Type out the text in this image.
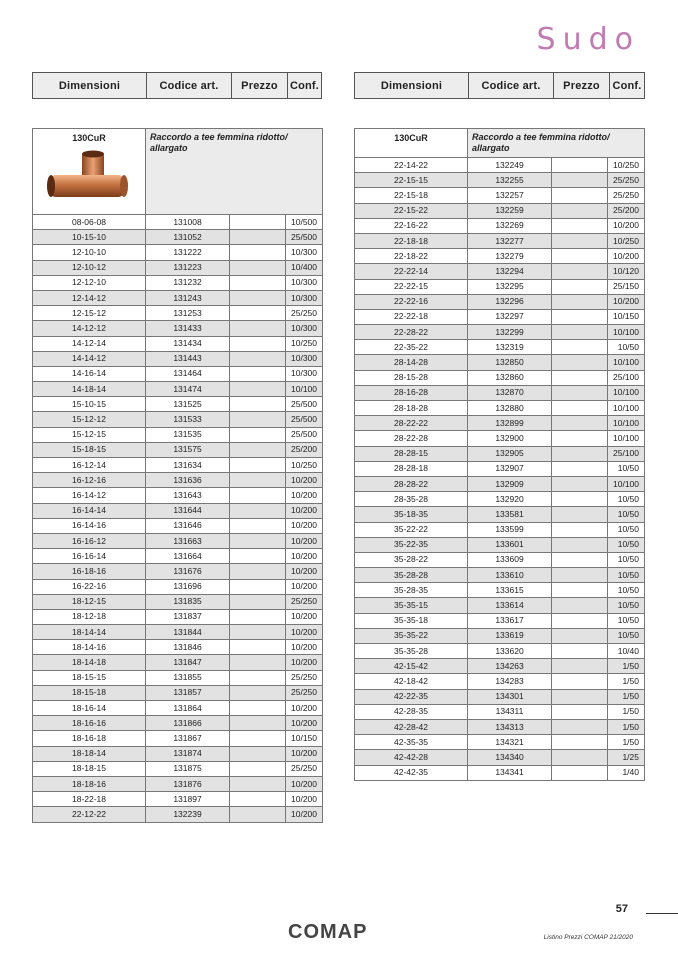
Sudo
Dimensioni	Codice art.	Prezzo	Conf.	Dimensioni	Codice art.	Prezzo	Conf.
130CuR	Raccordo a tee femmina ridotto/ allargato		
08-06-08	131008		10/500
10-15-10	131052		25/500
12-10-10	131222		10/300
12-10-12	131223		10/400
12-12-10	131232		10/300
12-14-12	131243		10/300
12-15-12	131253		25/250
14-12-12	131433		10/300
14-12-14	131434		10/250
14-14-12	131443		10/300
14-16-14	131464		10/300
14-18-14	131474		10/100
15-10-15	131525		25/500
15-12-12	131533		25/500
15-12-15	131535		25/500
15-18-15	131575		25/200
16-12-14	131634		10/250
16-12-16	131636		10/200
16-14-12	131643		10/200
16-14-14	131644		10/200
16-14-16	131646		10/200
16-16-12	131663		10/200
16-16-14	131664		10/200
16-18-16	131676		10/200
16-22-16	131696		10/200
18-12-15	131835		25/250
18-12-18	131837		10/200
18-14-14	131844		10/200
18-14-16	131846		10/200
18-14-18	131847		10/200
18-15-15	131855		25/250
18-15-18	131857		25/250
18-16-14	131864		10/200
18-16-16	131866		10/200
18-16-18	131867		10/150
18-18-14	131874		10/200
18-18-15	131875		25/250
18-18-16	131876		10/200
18-22-18	131897		10/200
22-12-22	132239		10/200
130CuR	Raccordo a tee femmina ridotto/ allargato		
22-14-22	132249		10/250
22-15-15	132255		25/250
22-15-18	132257		25/250
22-15-22	132259		25/200
22-16-22	132269		10/200
22-18-18	132277		10/250
22-18-22	132279		10/200
22-22-14	132294		10/120
22-22-15	132295		25/150
22-22-16	132296		10/200
22-22-18	132297		10/150
22-28-22	132299		10/100
22-35-22	132319		10/50
28-14-28	132850		10/100
28-15-28	132860		25/100
28-16-28	132870		10/100
28-18-28	132880		10/100
28-22-22	132899		10/100
28-22-28	132900		10/100
28-28-15	132905		25/100
28-28-18	132907		10/50
28-28-22	132909		10/100
28-35-28	132920		10/50
35-18-35	133581		10/50
35-22-22	133599		10/50
35-22-35	133601		10/50
35-28-22	133609		10/50
35-28-28	133610		10/50
35-28-35	133615		10/50
35-35-15	133614		10/50
35-35-18	133617		10/50
35-35-22	133619		10/50
35-35-28	133620		10/40
42-15-42	134263		1/50
42-18-42	134283		1/50
42-22-35	134301		1/50
42-28-35	134311		1/50
42-28-42	134313		1/50
42-35-35	134321		1/50
42-42-28	134340		1/25
42-42-35	134341		1/40
57
COMAP	Listino Prezzi COMAP 21/2020
